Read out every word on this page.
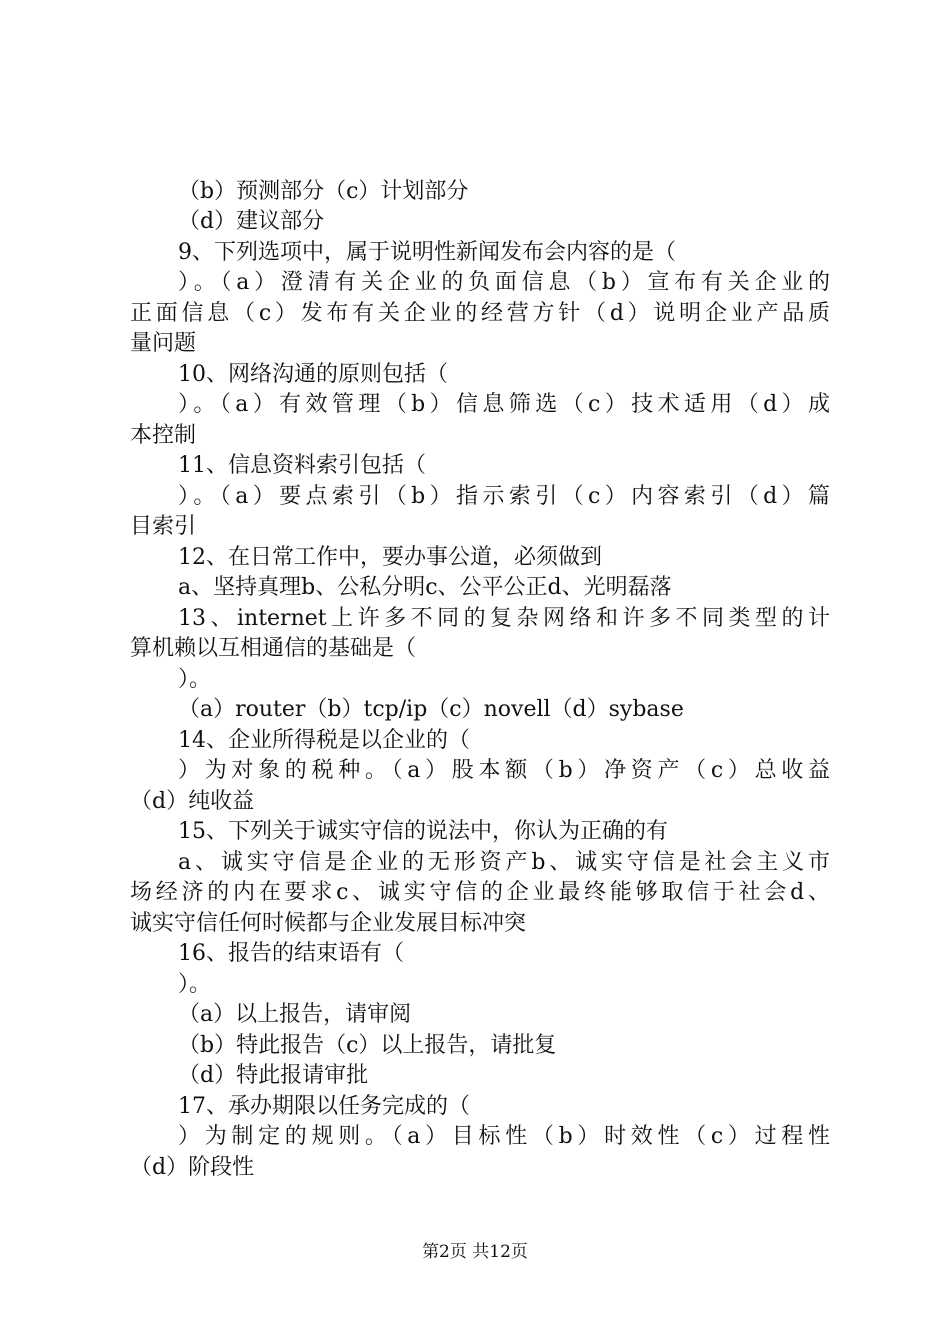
（b）预测部分（c）计划部分
（d）建议部分
9、下列选项中，属于说明性新闻发布会内容的是（
）。（a）澄清有关企业的负面信息（b）宣布有关企业的
正面信息（c）发布有关企业的经营方针（d）说明企业产品质
量问题
10、网络沟通的原则包括（
）。（a）有效管理（b）信息筛选（c）技术适用（d）成
本控制
11、信息资料索引包括（
）。（a）要点索引（b）指示索引（c）内容索引（d）篇
目索引
12、在日常工作中，要办事公道，必须做到
a、坚持真理b、公私分明c、公平公正d、光明磊落
13、internet上许多不同的复杂网络和许多不同类型的计
算机赖以互相通信的基础是（
）。
（a）router（b）tcp/ip（c）novell（d）sybase
14、企业所得税是以企业的（
）为对象的税种。（a）股本额（b）净资产（c）总收益
（d）纯收益
15、下列关于诚实守信的说法中，你认为正确的有
a、诚实守信是企业的无形资产b、诚实守信是社会主义市
场经济的内在要求c、诚实守信的企业最终能够取信于社会d、
诚实守信任何时候都与企业发展目标冲突
16、报告的结束语有（
）。
（a）以上报告，请审阅
（b）特此报告（c）以上报告，请批复
（d）特此报请审批
17、承办期限以任务完成的（
）为制定的规则。（a）目标性（b）时效性（c）过程性
（d）阶段性
第2页 共12页
